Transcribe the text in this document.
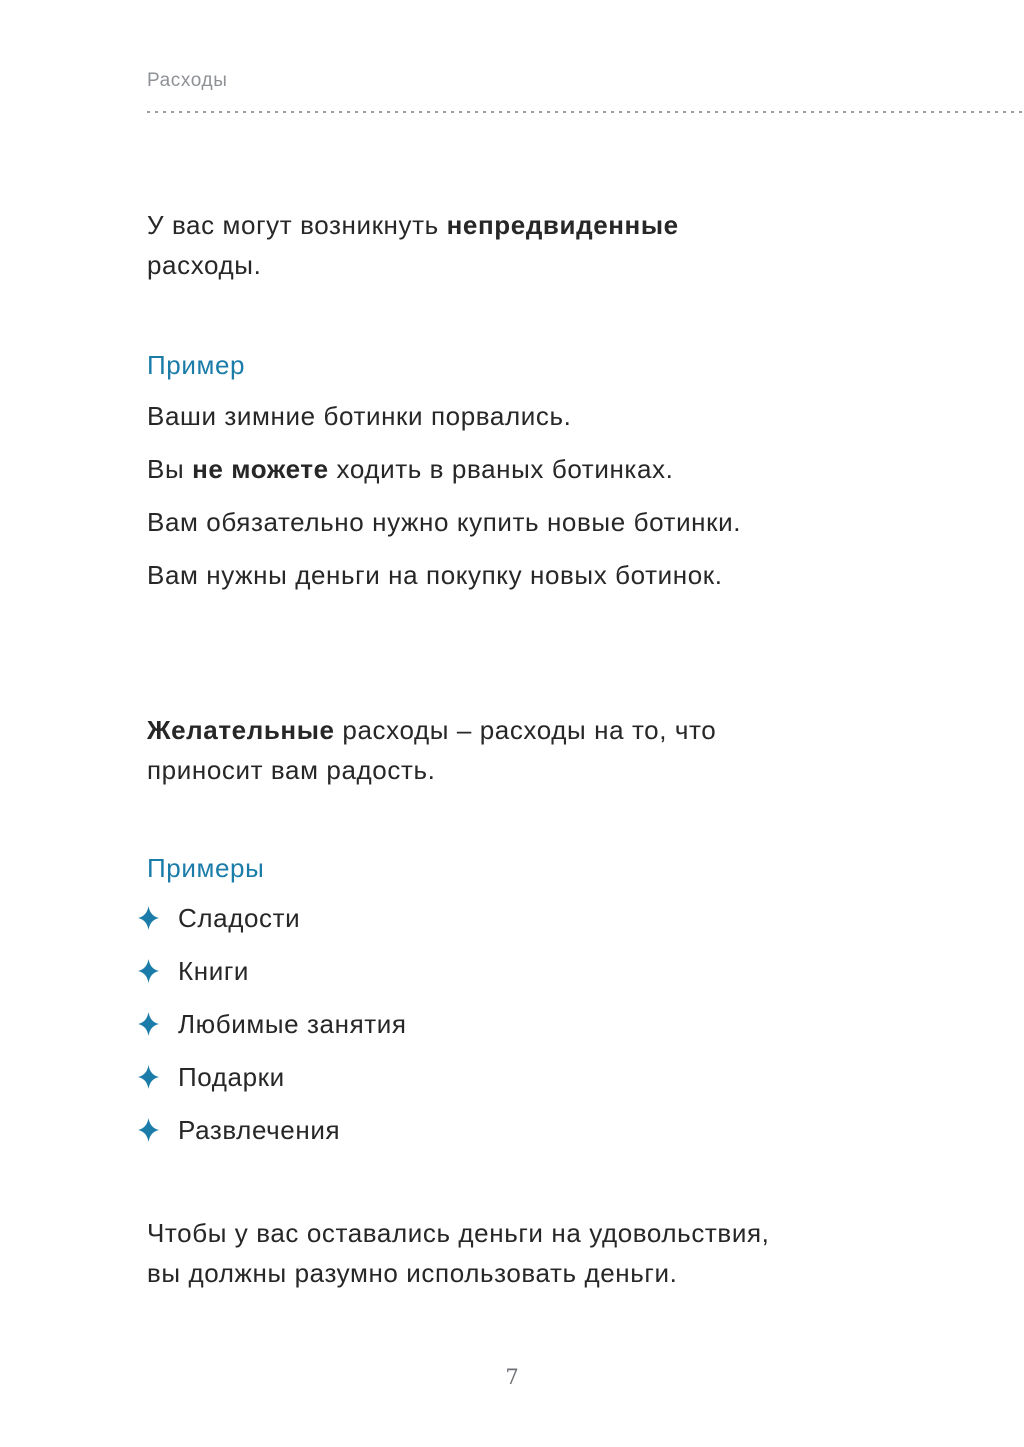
Расходы

У вас могут возникнуть непредвиденные
расходы.

Пример

Ваши зимние ботинки порвались.

Вы не можете ходить в рваных ботинках.

Вам обязательно нужно купить новые ботинки.

Вам нужны деньги на покупку новых ботинок.

Желательные расходы – расходы на то, что
приносит вам радость.

Примеры
Сладости
Книги
Любимые занятия
Подарки
Развлечения

Чтобы у вас оставались деньги на удовольствия,
вы должны разумно использовать деньги.

7
